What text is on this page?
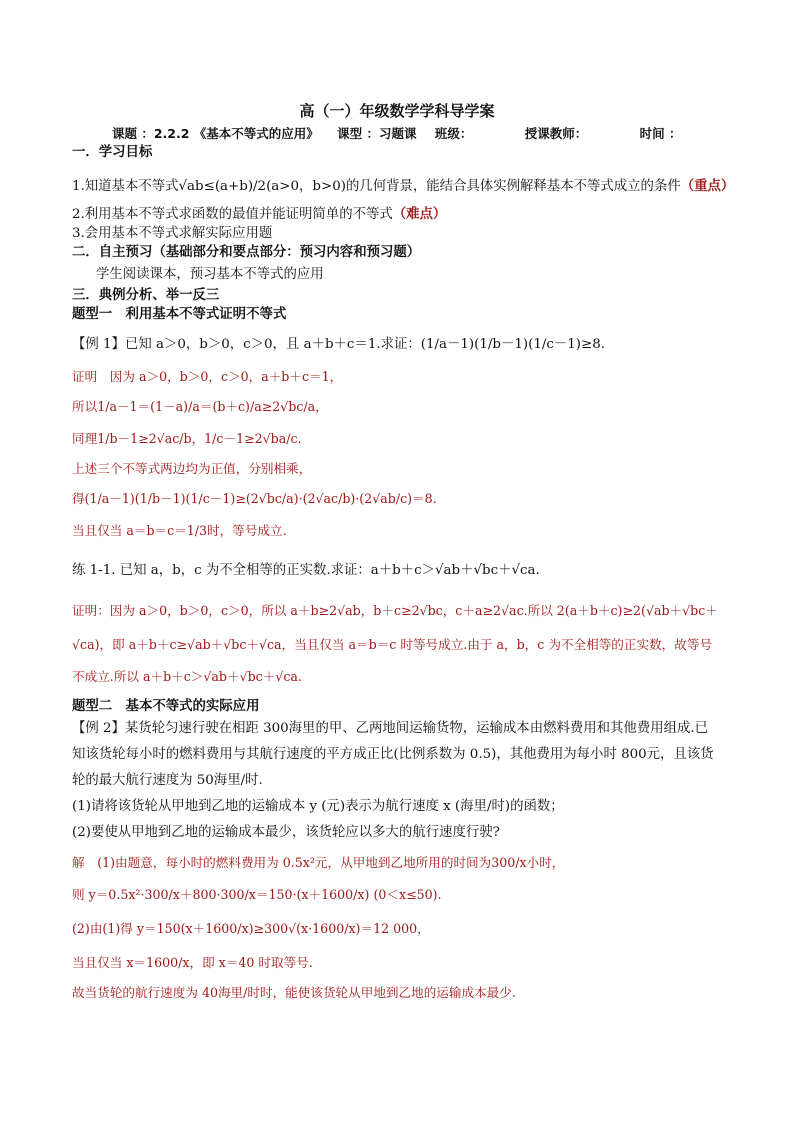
高（一）年级数学学科导学案
课题 ：2.2.2 《基本不等式的应用》 课型 ：习题课 班级：	授课教师：	时间 ：
一．学习目标
1.知道基本不等式√ab≤(a+b)/2(a>0，b>0)的几何背景，能结合具体实例解释基本不等式成立的条件（重点）
2.利用基本不等式求函数的最值并能证明简单的不等式（难点）
3.会用基本不等式求解实际应用题
二．自主预习（基础部分和要点部分：预习内容和预习题）
学生阅读课本，预习基本不等式的应用
三．典例分析、举一反三
题型一　利用基本不等式证明不等式
【例 1】已知 a＞0，b＞0，c＞0，且 a＋b＋c＝1.求证：(1/a－1)(1/b－1)(1/c－1)≥8.
证明　因为 a＞0，b＞0，c＞0，a＋b＋c＝1，
所以1/a－1＝(1－a)/a＝(b＋c)/a≥2√bc/a，
同理1/b－1≥2√ac/b，1/c－1≥2√ba/c.
上述三个不等式两边均为正值，分别相乘，
得(1/a－1)(1/b－1)(1/c－1)≥(2√bc/a)·(2√ac/b)·(2√ab/c)＝8.
当且仅当 a＝b＝c＝1/3时，等号成立.
练 1-1. 已知 a，b，c 为不全相等的正实数.求证：a＋b＋c＞√ab＋√bc＋√ca.
证明：因为 a＞0，b＞0，c＞0，所以 a＋b≥2√ab，b＋c≥2√bc，c＋a≥2√ac.所以 2(a＋b＋c)≥2(√ab＋√bc＋
√ca)，即 a＋b＋c≥√ab＋√bc＋√ca，当且仅当 a＝b＝c 时等号成立.由于 a，b，c 为不全相等的正实数，故等号
不成立.所以 a＋b＋c＞√ab＋√bc＋√ca.
题型二　基本不等式的实际应用
【例 2】某货轮匀速行驶在相距 300海里的甲、乙两地间运输货物，运输成本由燃料费用和其他费用组成.已
知该货轮每小时的燃料费用与其航行速度的平方成正比(比例系数为 0.5)，其他费用为每小时 800元，且该货
轮的最大航行速度为 50海里/时.
(1)请将该货轮从甲地到乙地的运输成本 y (元)表示为航行速度 x (海里/时)的函数；
(2)要使从甲地到乙地的运输成本最少，该货轮应以多大的航行速度行驶?
解　(1)由题意，每小时的燃料费用为 0.5x²元，从甲地到乙地所用的时间为300/x小时，
则 y＝0.5x²·300/x＋800·300/x＝150·(x＋1600/x) (0＜x≤50).
(2)由(1)得 y＝150(x＋1600/x)≥300√(x·1600/x)＝12 000，
当且仅当 x＝1600/x，即 x＝40 时取等号.
故当货轮的航行速度为 40海里/时时，能使该货轮从甲地到乙地的运输成本最少.
